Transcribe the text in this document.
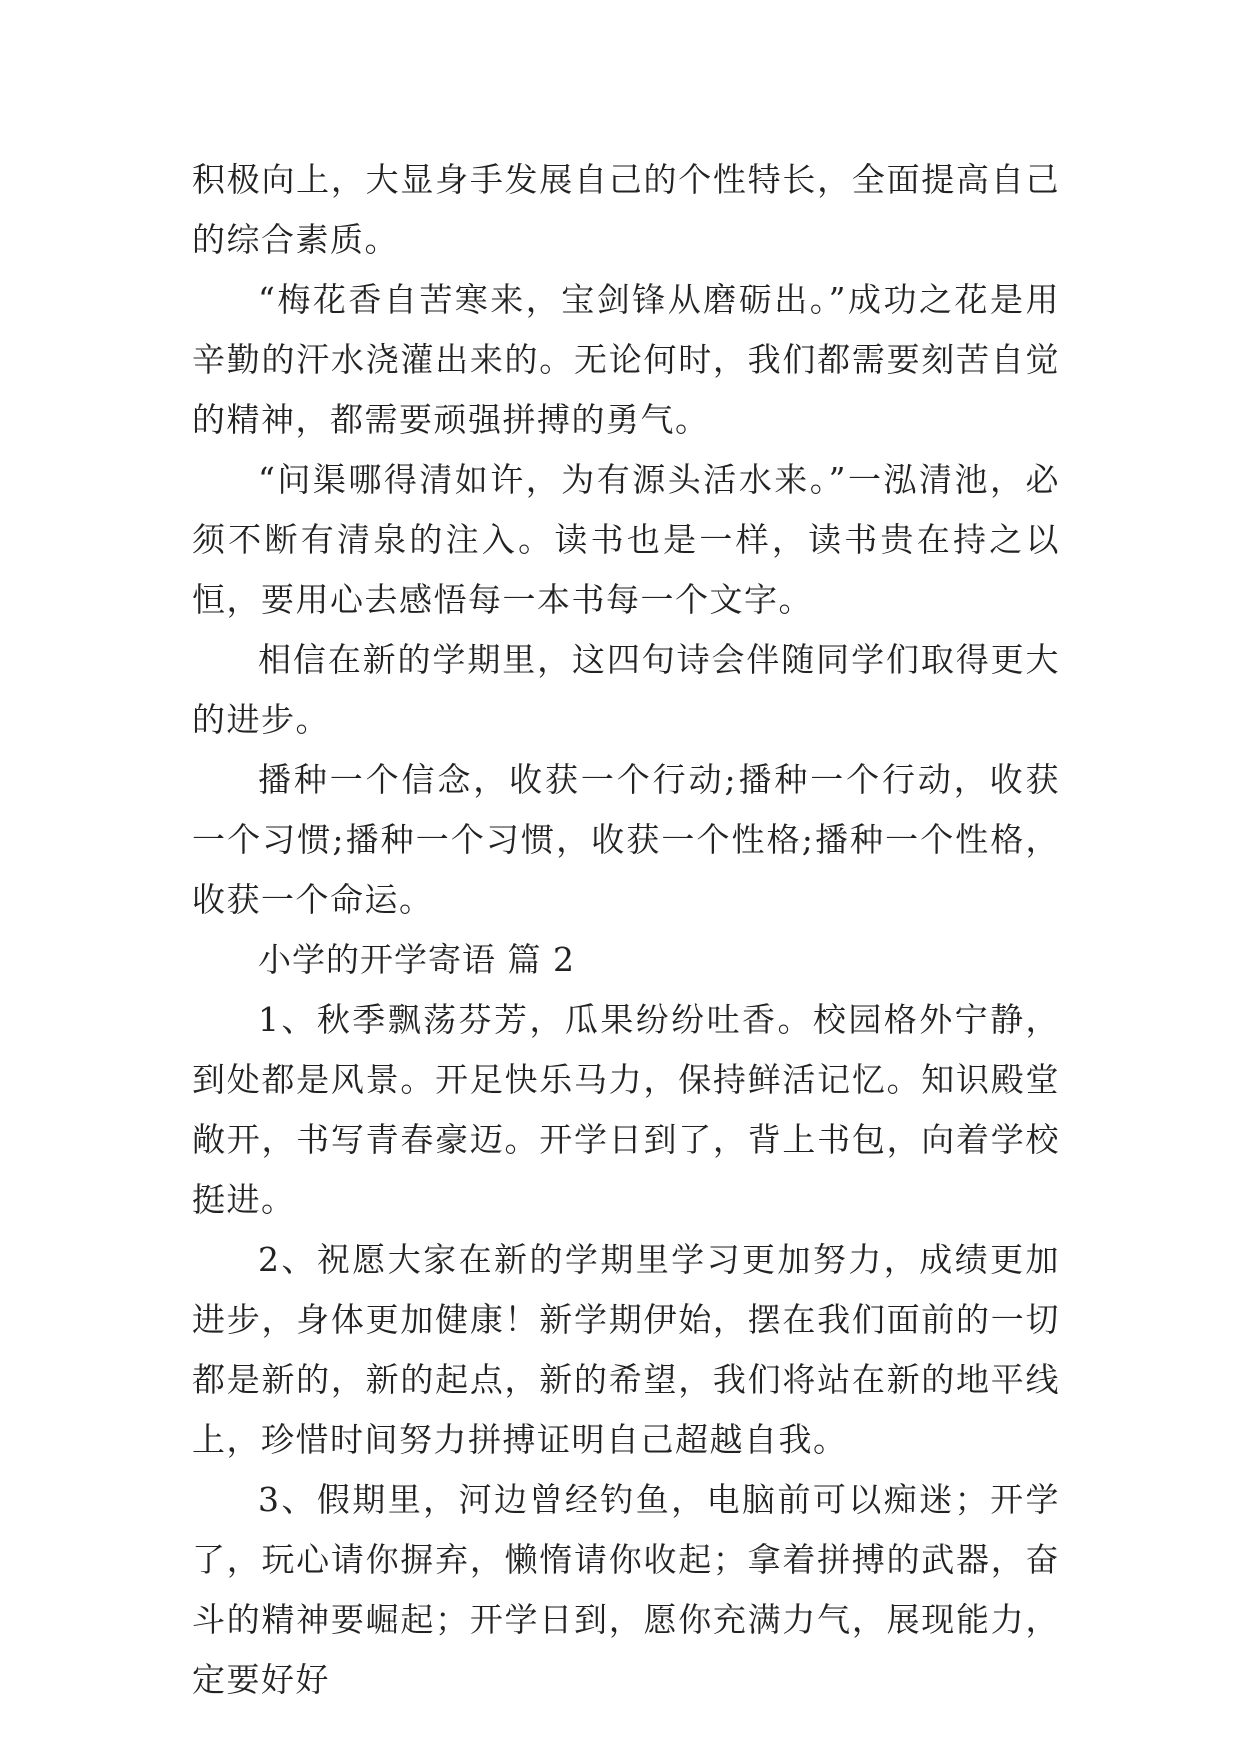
积极向上，大显身手发展自己的个性特长，全面提高自己的综合素质。

“梅花香自苦寒来，宝剑锋从磨砺出。”成功之花是用辛勤的汗水浇灌出来的。无论何时，我们都需要刻苦自觉的精神，都需要顽强拼搏的勇气。

“问渠哪得清如许，为有源头活水来。”一泓清池，必须不断有清泉的注入。读书也是一样，读书贵在持之以恒，要用心去感悟每一本书每一个文字。

相信在新的学期里，这四句诗会伴随同学们取得更大的进步。

播种一个信念，收获一个行动;播种一个行动，收获一个习惯;播种一个习惯，收获一个性格;播种一个性格，收获一个命运。

小学的开学寄语 篇 2

1、秋季飘荡芬芳，瓜果纷纷吐香。校园格外宁静，到处都是风景。开足快乐马力，保持鲜活记忆。知识殿堂敞开，书写青春豪迈。开学日到了，背上书包，向着学校挺进。

2、祝愿大家在新的学期里学习更加努力，成绩更加进步，身体更加健康！新学期伊始，摆在我们面前的一切都是新的，新的起点，新的希望，我们将站在新的地平线上，珍惜时间努力拼搏证明自己超越自我。

3、假期里，河边曾经钓鱼，电脑前可以痴迷；开学了，玩心请你摒弃，懒惰请你收起；拿着拼搏的武器，奋斗的精神要崛起；开学日到，愿你充满力气，展现能力，定要好好
